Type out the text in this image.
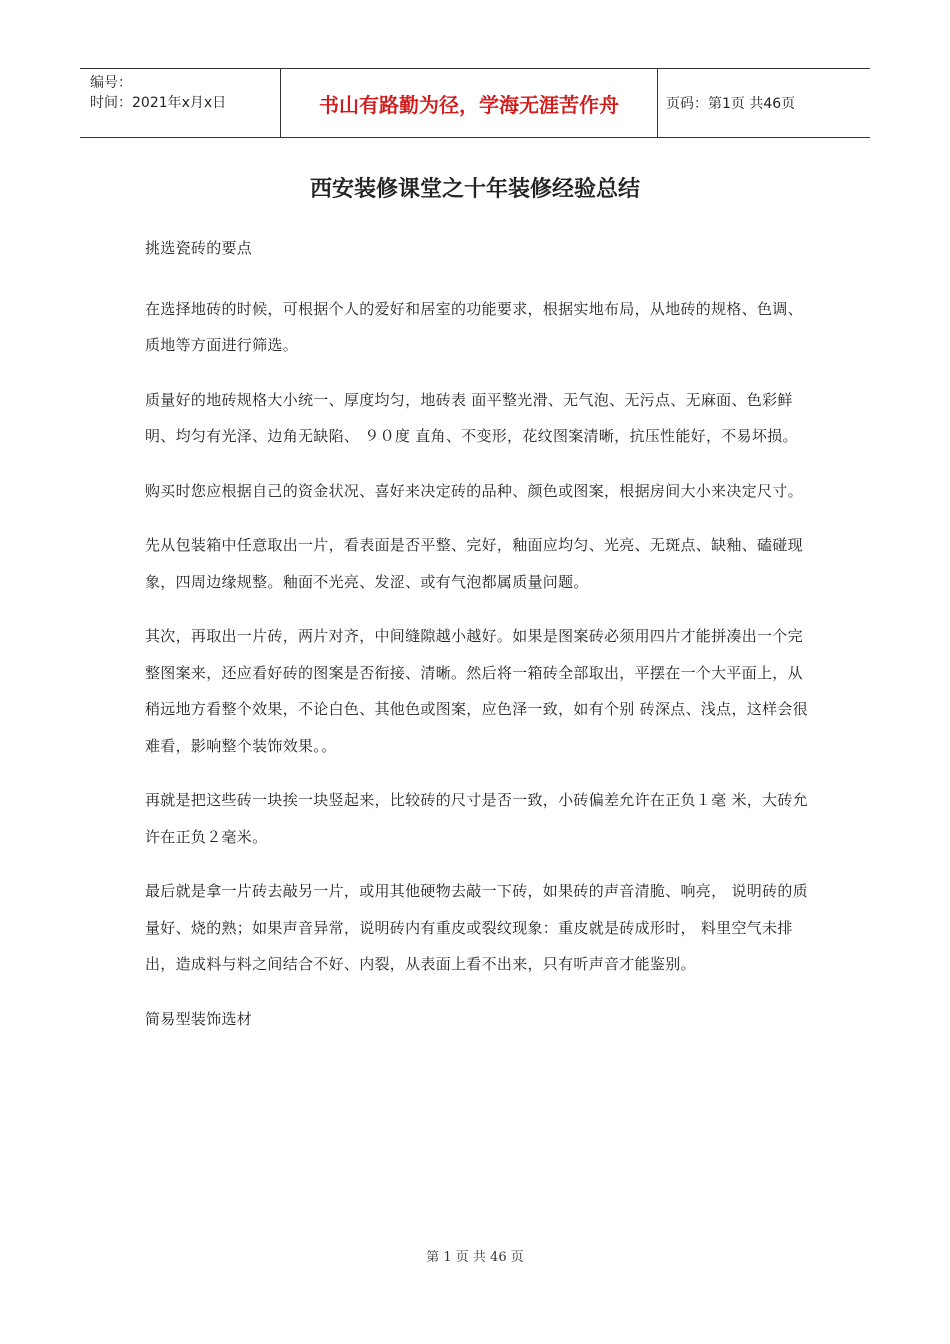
编号：
时间：2021年x月x日	书山有路勤为径，学海无涯苦作舟	页码：第1页 共46页
西安装修课堂之十年装修经验总结

挑选瓷砖的要点

在选择地砖的时候，可根据个人的爱好和居室的功能要求，根据实地布局，从地砖的规格、色调、质地等方面进行筛选。

质量好的地砖规格大小统一、厚度均匀，地砖表 面平整光滑、无气泡、无污点、无麻面、色彩鲜明、均匀有光泽、边角无缺陷、 ９０度 直角、不变形，花纹图案清晰，抗压性能好，不易坏损。

购买时您应根据自己的资金状况、喜好来决定砖的品种、颜色或图案，根据房间大小来决定尺寸。

先从包装箱中任意取出一片，看表面是否平整、完好，釉面应均匀、光亮、无斑点、缺釉、磕碰现象，四周边缘规整。釉面不光亮、发涩、或有气泡都属质量问题。

其次，再取出一片砖，两片对齐，中间缝隙越小越好。如果是图案砖必须用四片才能拼凑出一个完整图案来，还应看好砖的图案是否衔接、清晰。然后将一箱砖全部取出，平摆在一个大平面上，从稍远地方看整个效果，不论白色、其他色或图案，应色泽一致，如有个别 砖深点、浅点，这样会很难看，影响整个装饰效果。。

再就是把这些砖一块挨一块竖起来，比较砖的尺寸是否一致，小砖偏差允许在正负１毫 米，大砖允许在正负２毫米。

最后就是拿一片砖去敲另一片，或用其他硬物去敲一下砖，如果砖的声音清脆、响亮， 说明砖的质量好、烧的熟；如果声音异常，说明砖内有重皮或裂纹现象：重皮就是砖成形时， 料里空气未排出，造成料与料之间结合不好、内裂，从表面上看不出来，只有听声音才能鉴别。

简易型装饰选材

第 1 页 共 46 页
